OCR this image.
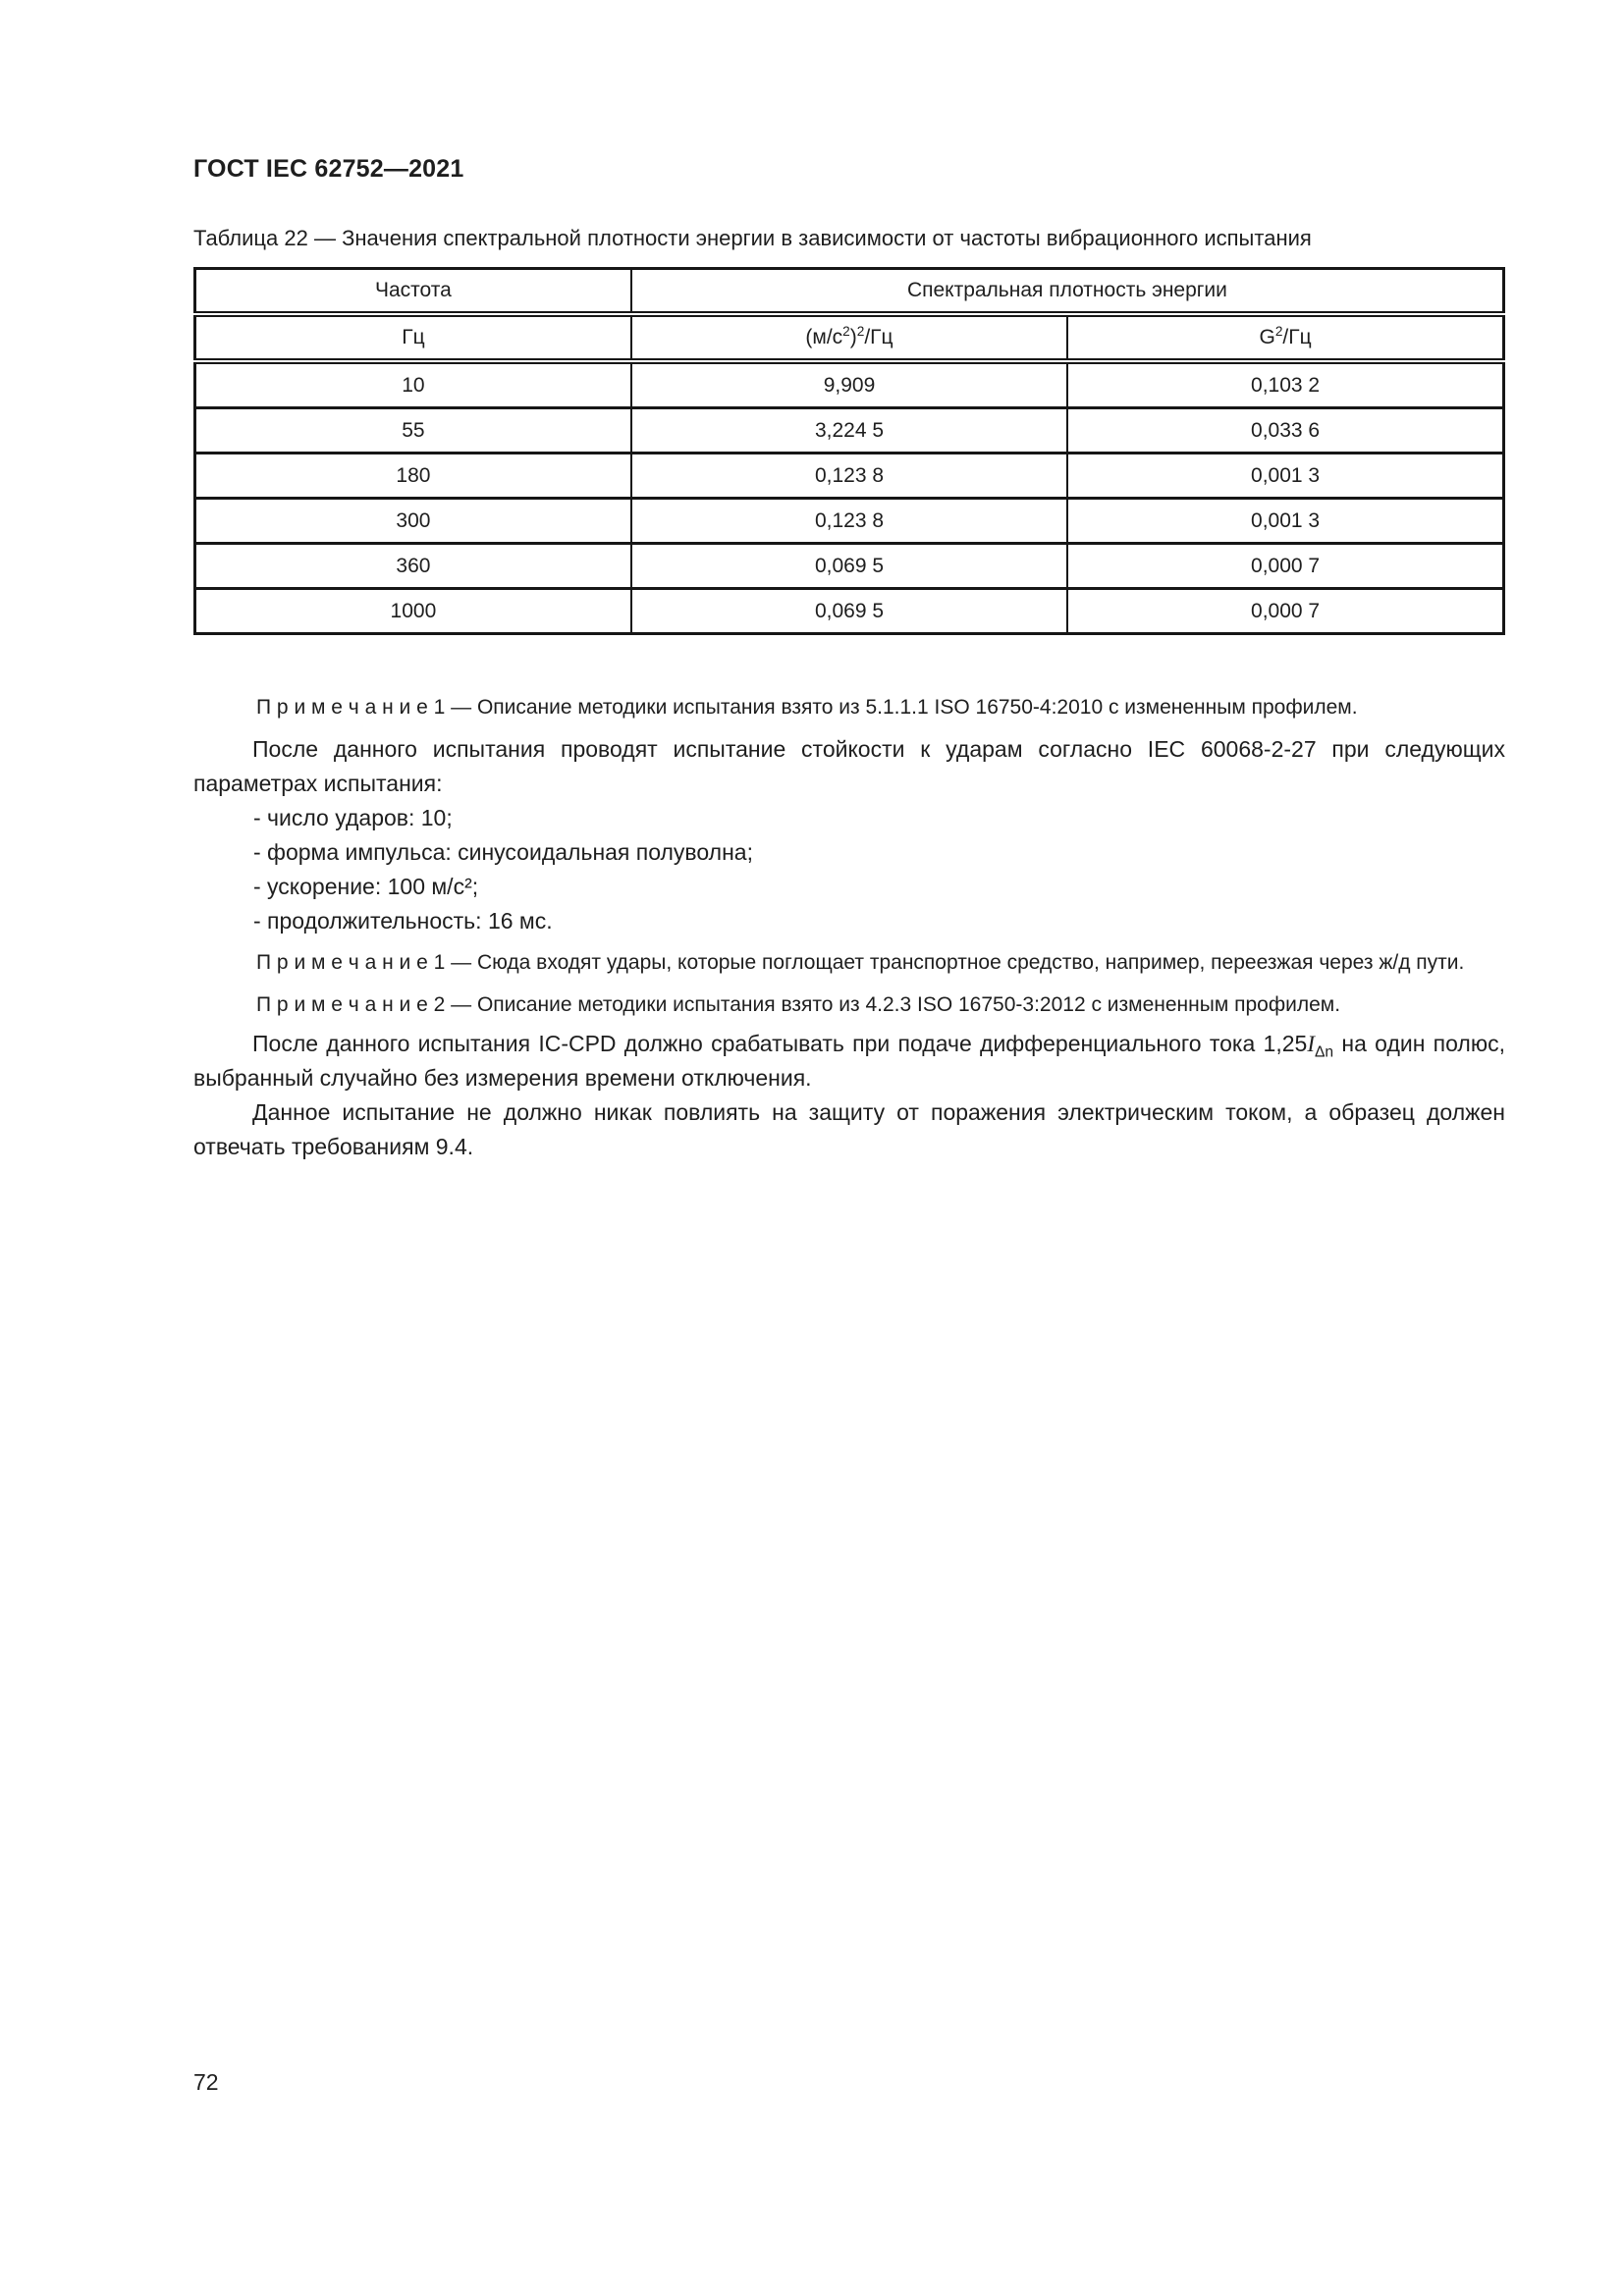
ГОСТ IEC 62752—2021
Таблица 22 — Значения спектральной плотности энергии в зависимости от частоты вибрационного испытания
Частота	Спектральная плотность энергии	
Гц	$(м/с^2)^2/Гц$	$G^2/Гц$
10	9,909	0,103 2
55	3,224 5	0,033 6
180	0,123 8	0,001 3
300	0,123 8	0,001 3
360	0,069 5	0,000 7
1000	0,069 5	0,000 7

П р и м е ч а н и е 1 — Описание методики испытания взято из 5.1.1.1 ISO 16750-4:2010 с измененным профилем.

После данного испытания проводят испытание стойкости к ударам согласно IEC 60068-2-27 при следующих параметрах испытания:

- число ударов: 10;
- форма импульса: синусоидальная полуволна;
- ускорение: 100 м/с²;
- продолжительность: 16 мс.

П р и м е ч а н и е 1 — Сюда входят удары, которые поглощает транспортное средство, например, переезжая через ж/д пути.

П р и м е ч а н и е 2 — Описание методики испытания взято из 4.2.3 ISO 16750-3:2012 с измененным профилем.

После данного испытания IC-CPD должно срабатывать при подаче дифференциального тока $1,25I_{\Delta n}$ на один полюс, выбранный случайно без измерения времени отключения.

Данное испытание не должно никак повлиять на защиту от поражения электрическим током, а образец должен отвечать требованиям 9.4.

72
